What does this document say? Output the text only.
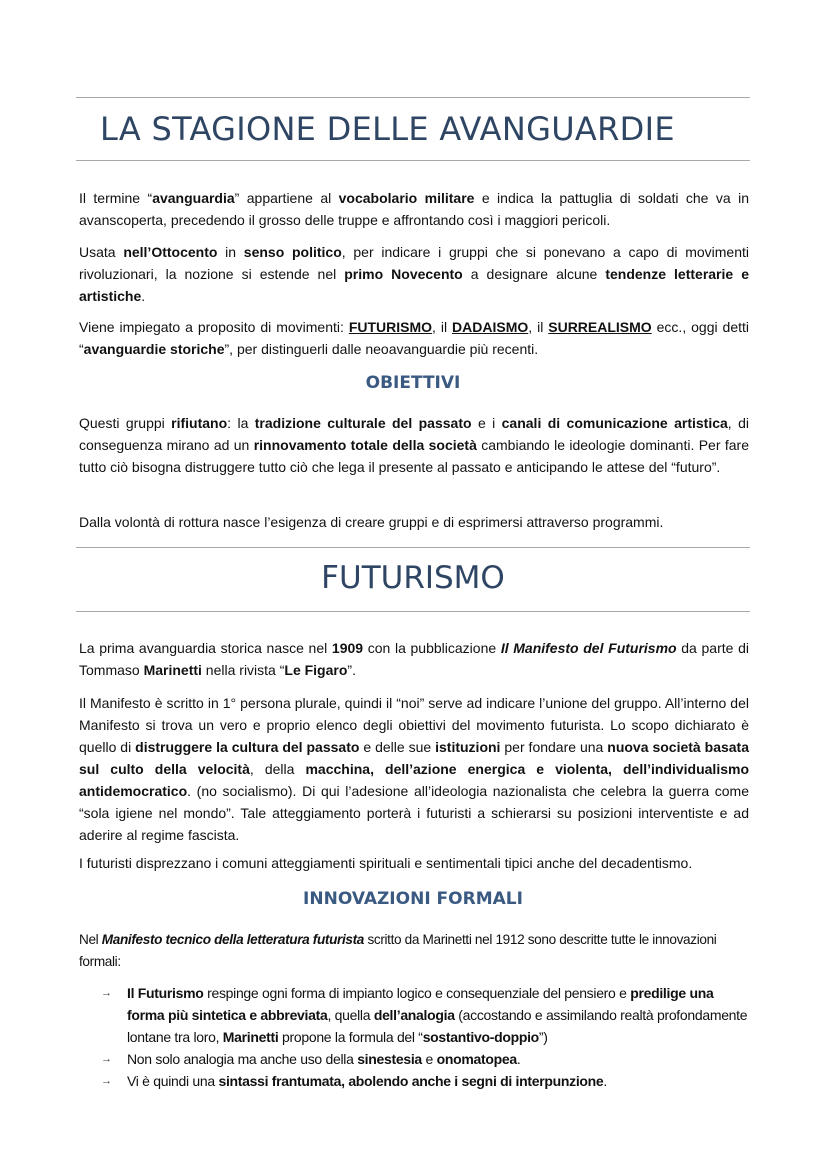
LA STAGIONE DELLE AVANGUARDIE

Il termine “avanguardia” appartiene al vocabolario militare e indica la pattuglia di soldati che va in avanscoperta, precedendo il grosso delle truppe e affrontando così i maggiori pericoli.

Usata nell’Ottocento in senso politico, per indicare i gruppi che si ponevano a capo di movimenti rivoluzionari, la nozione si estende nel primo Novecento a designare alcune tendenze letterarie e artistiche.

Viene impiegato a proposito di movimenti: FUTURISMO, il DADAISMO, il SURREALISMO ecc., oggi detti “avanguardie storiche”, per distinguerli dalle neoavanguardie più recenti.

OBIETTIVI

Questi gruppi rifiutano: la tradizione culturale del passato e i canali di comunicazione artistica, di conseguenza mirano ad un rinnovamento totale della società cambiando le ideologie dominanti. Per fare tutto ciò bisogna distruggere tutto ciò che lega il presente al passato e anticipando le attese del “futuro”.

Dalla volontà di rottura nasce l’esigenza di creare gruppi e di esprimersi attraverso programmi.

FUTURISMO

La prima avanguardia storica nasce nel 1909 con la pubblicazione Il Manifesto del Futurismo da parte di Tommaso Marinetti nella rivista “Le Figaro”.

Il Manifesto è scritto in 1° persona plurale, quindi il “noi” serve ad indicare l’unione del gruppo. All’interno del Manifesto si trova un vero e proprio elenco degli obiettivi del movimento futurista. Lo scopo dichiarato è quello di distruggere la cultura del passato e delle sue istituzioni per fondare una nuova società basata sul culto della velocità, della macchina, dell’azione energica e violenta, dell’individualismo antidemocratico. (no socialismo). Di qui l’adesione all’ideologia nazionalista che celebra la guerra come “sola igiene nel mondo”. Tale atteggiamento porterà i futuristi a schierarsi su posizioni interventiste e ad aderire al regime fascista.

I futuristi disprezzano i comuni atteggiamenti spirituali e sentimentali tipici anche del decadentismo.

INNOVAZIONI FORMALI

Nel Manifesto tecnico della letteratura futurista scritto da Marinetti nel 1912 sono descritte tutte le innovazioni formali:

→ Il Futurismo respinge ogni forma di impianto logico e consequenziale del pensiero e predilige una forma più sintetica e abbreviata, quella dell’analogia (accostando e assimilando realtà profondamente lontane tra loro, Marinetti propone la formula del “sostantivo-doppio”)
→ Non solo analogia ma anche uso della sinestesia e onomatopea.
→ Vi è quindi una sintassi frantumata, abolendo anche i segni di interpunzione.
